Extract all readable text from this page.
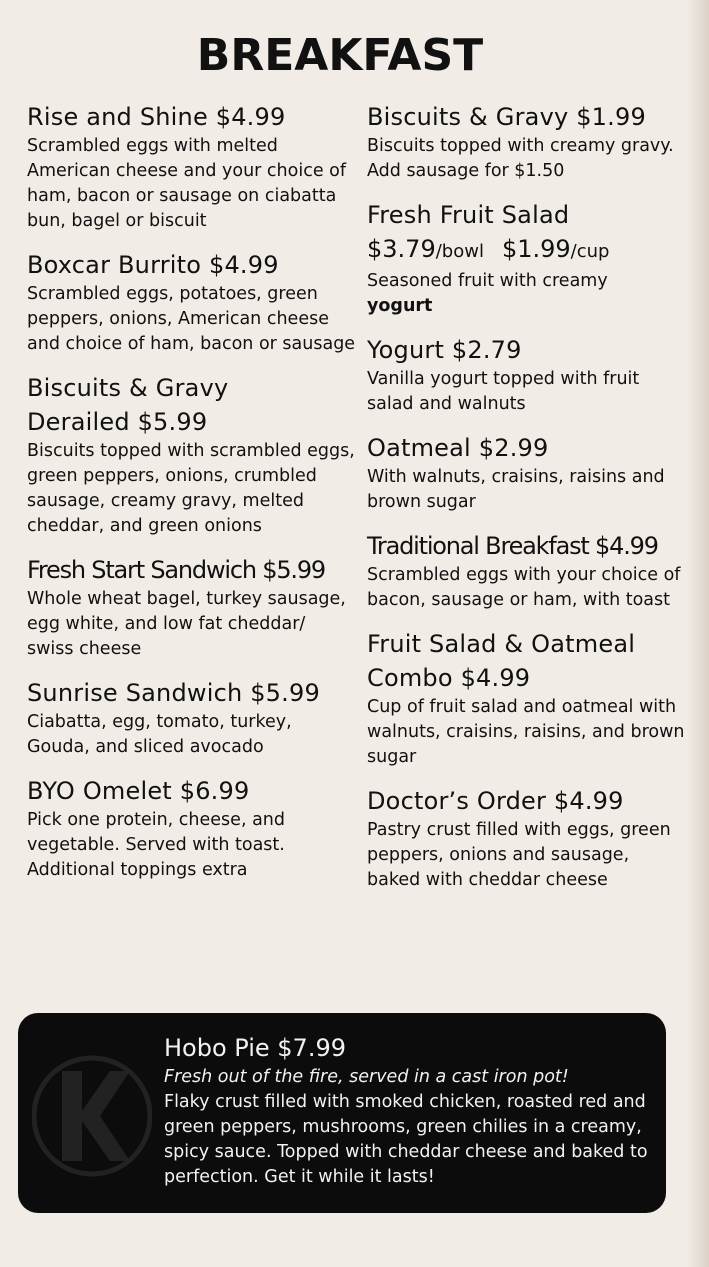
BREAKFAST
Rise and Shine $4.99
Scrambled eggs with melted American cheese and your choice of ham, bacon or sausage on ciabatta bun, bagel or biscuit
Boxcar Burrito $4.99
Scrambled eggs, potatoes, green peppers, onions, American cheese and choice of ham, bacon or sausage
Biscuits & Gravy Derailed $5.99
Biscuits topped with scrambled eggs, green peppers, onions, crumbled sausage, creamy gravy, melted cheddar, and green onions
Fresh Start Sandwich $5.99
Whole wheat bagel, turkey sausage, egg white, and low fat cheddar/ swiss cheese
Sunrise Sandwich $5.99
Ciabatta, egg, tomato, turkey, Gouda, and sliced avocado
BYO Omelet $6.99
Pick one protein, cheese, and vegetable. Served with toast. Additional toppings extra
Biscuits & Gravy $1.99
Biscuits topped with creamy gravy. Add sausage for $1.50
Fresh Fruit Salad
$3.79/bowl $1.99/cup
Seasoned fruit with creamy
yogurt
Yogurt $2.79
Vanilla yogurt topped with fruit salad and walnuts
Oatmeal $2.99
With walnuts, craisins, raisins and brown sugar
Traditional Breakfast $4.99
Scrambled eggs with your choice of bacon, sausage or ham, with toast
Fruit Salad & Oatmeal Combo $4.99
Cup of fruit salad and oatmeal with walnuts, craisins, raisins, and brown sugar
Doctor’s Order $4.99
Pastry crust filled with eggs, green peppers, onions and sausage, baked with cheddar cheese
Hobo Pie $7.99
Fresh out of the fire, served in a cast iron pot!
Flaky crust filled with smoked chicken, roasted red and green peppers, mushrooms, green chilies in a creamy, spicy sauce. Topped with cheddar cheese and baked to perfection. Get it while it lasts!
